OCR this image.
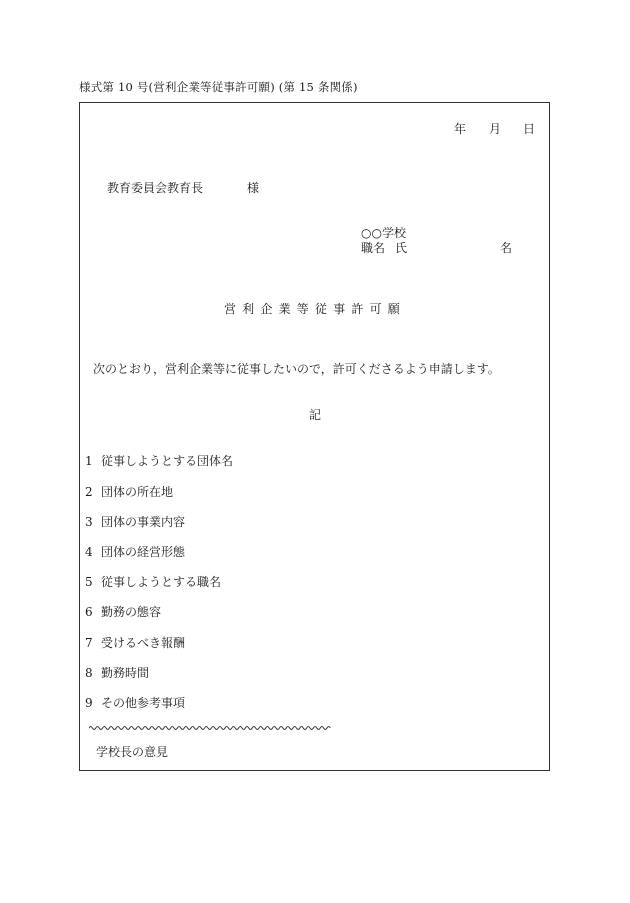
様式第 10 号(営利企業等従事許可願) (第 15 条関係)
年 月 日
教育委員会教育長	様
○○学校
職名 氏	名
営利企業等従事許可願
次のとおり，営利企業等に従事したいので，許可くださるよう申請します。
記
1 従事しようとする団体名
2 団体の所在地
3 団体の事業内容
4 団体の経営形態
5 従事しようとする職名
6 勤務の態容
7 受けるべき報酬
8 勤務時間
9 その他参考事項
学校長の意見
